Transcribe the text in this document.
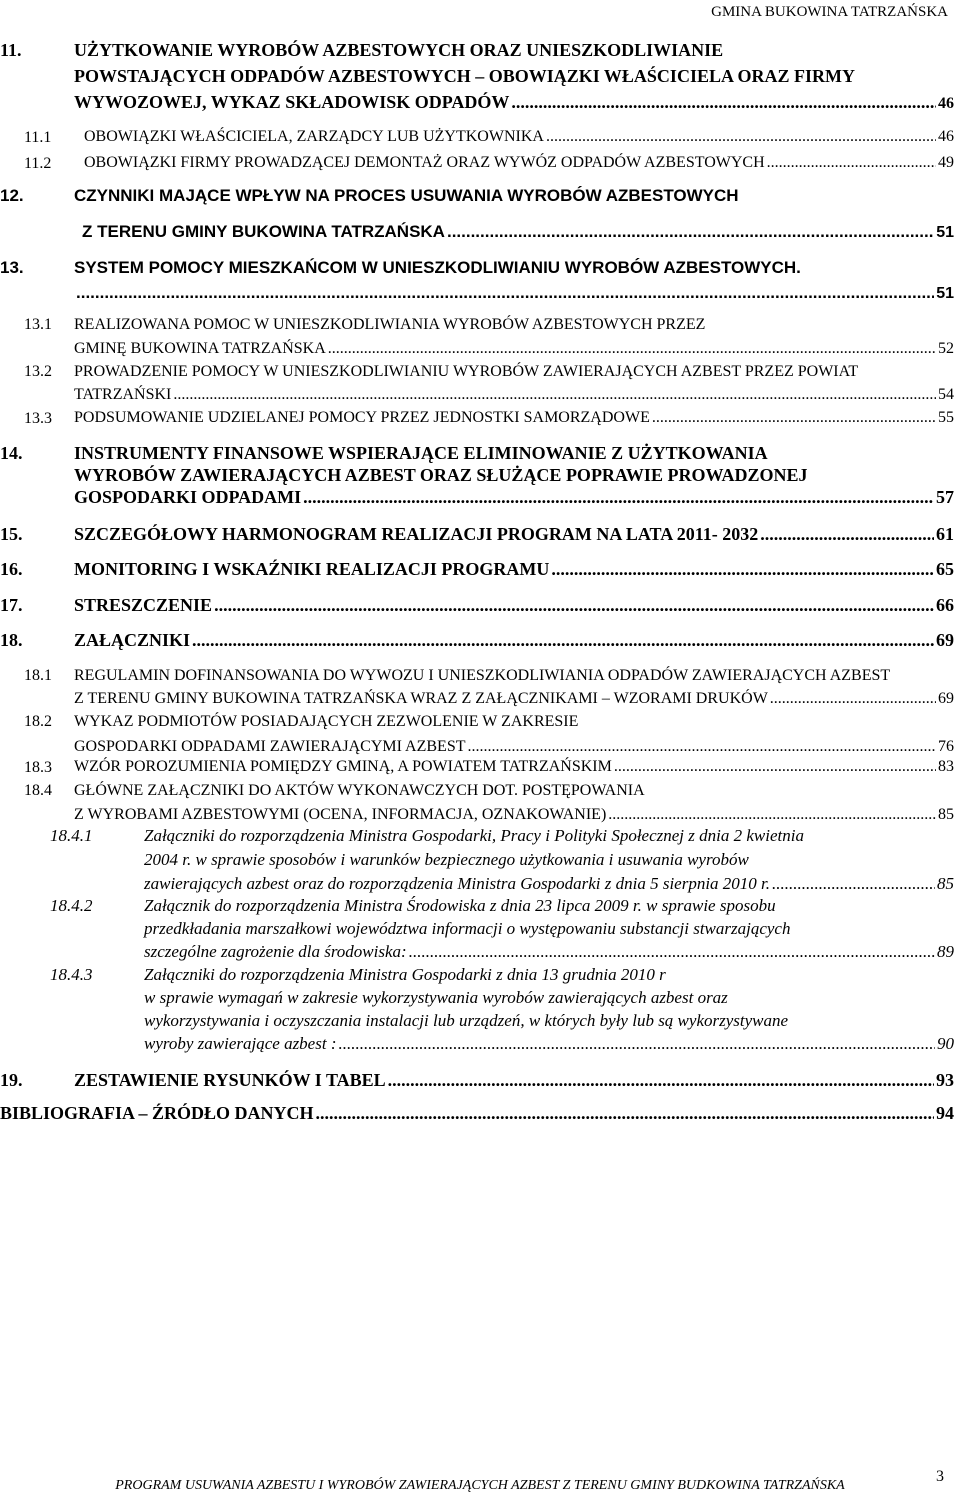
GMINA BUKOWINA TATRZAŃSKA
11.	UŻYTKOWANIE WYROBÓW AZBESTOWYCH ORAZ UNIESZKODLIWIANIE
POWSTAJĄCYCH ODPADÓW AZBESTOWYCH – OBOWIĄZKI WŁAŚCICIELA ORAZ FIRMY
WYWOZOWEJ, WYKAZ SKŁADOWISK ODPADÓW .....	46
11.1 OBOWIĄZKI WŁAŚCICIELA, ZARZĄDCY LUB UŻYTKOWNIKA .....	46
11.2 OBOWIĄZKI FIRMY PROWADZĄCEJ DEMONTAŻ ORAZ WYWÓZ ODPADÓW AZBESTOWYCH .....	49
12.	CZYNNIKI MAJĄCE WPŁYW NA PROCES USUWANIA WYROBÓW AZBESTOWYCH
Z TERENU GMINY BUKOWINA TATRZAŃSKA .....	51
13.	SYSTEM POMOCY MIESZKAŃCOM W UNIESZKODLIWIANIU WYROBÓW AZBESTOWYCH.
.....
51
13.1 REALIZOWANA POMOC W UNIESZKODLIWIANIA WYROBÓW AZBESTOWYCH PRZEZ
GMINĘ BUKOWINA TATRZAŃSKA .....	52
13.2 PROWADZENIE POMOCY W UNIESZKODLIWIANIU WYROBÓW ZAWIERAJĄCYCH AZBEST PRZEZ POWIAT
TATRZAŃSKI .....	54
13.3 PODSUMOWANIE UDZIELANEJ POMOCY PRZEZ JEDNOSTKI SAMORZĄDOWE .....	55
14.	INSTRUMENTY FINANSOWE WSPIERAJĄCE ELIMINOWANIE Z UŻYTKOWANIA
WYROBÓW ZAWIERAJĄCYCH AZBEST ORAZ SŁUŻĄCE POPRAWIE PROWADZONEJ
GOSPODARKI ODPADAMI .....	57
15.	SZCZEGÓŁOWY HARMONOGRAM REALIZACJI PROGRAM NA LATA 2011- 2032 .....	61
16.	MONITORING I WSKAŹNIKI REALIZACJI PROGRAMU .....	65
17.	STRESZCZENIE .....	66
18.	ZAŁĄCZNIKI .....	69
18.1 REGULAMIN DOFINANSOWANIA DO WYWOZU I UNIESZKODLIWIANIA ODPADÓW ZAWIERAJĄCYCH AZBEST
Z TERENU GMINY BUKOWINA TATRZAŃSKA WRAZ Z ZAŁĄCZNIKAMI – WZORAMI DRUKÓW .....	69
18.2 WYKAZ PODMIOTÓW POSIADAJĄCYCH ZEZWOLENIE W ZAKRESIE
GOSPODARKI ODPADAMI ZAWIERAJĄCYMI AZBEST .....	76
18.3 WZÓR POROZUMIENIA POMIĘDZY GMINĄ, A POWIATEM TATRZAŃSKIM .....	83
18.4 GŁÓWNE ZAŁĄCZNIKI DO AKTÓW WYKONAWCZYCH DOT. POSTĘPOWANIA
Z WYROBAMI AZBESTOWYMI (OCENA, INFORMACJA, OZNAKOWANIE) .....	85
18.4.1	Załączniki do rozporządzenia Ministra Gospodarki, Pracy i Polityki Społecznej z dnia 2 kwietnia
2004 r. w sprawie sposobów i warunków bezpiecznego użytkowania i usuwania wyrobów
zawierających azbest oraz do rozporządzenia Ministra Gospodarki z dnia 5 sierpnia 2010 r. .....	85
18.4.2	Załącznik do rozporządzenia Ministra Środowiska z dnia 23 lipca 2009 r. w sprawie sposobu
przedkładania marszałkowi województwa informacji o występowaniu substancji stwarzających
szczególne zagrożenie dla środowiska: .....	89
18.4.3	Załączniki do rozporządzenia Ministra Gospodarki z dnia 13 grudnia 2010 r
w sprawie wymagań w zakresie wykorzystywania wyrobów zawierających azbest oraz
wykorzystywania i oczyszczania instalacji lub urządzeń, w których były lub są wykorzystywane
wyroby zawierające azbest : .....	90
19.	ZESTAWIENIE RYSUNKÓW I TABEL .....	93
BIBLIOGRAFIA – ŹRÓDŁO DANYCH .....	94
3
PROGRAM USUWANIA AZBESTU I WYROBÓW ZAWIERAJĄCYCH AZBEST Z TERENU GMINY BUDKOWINA TATRZAŃSKA
